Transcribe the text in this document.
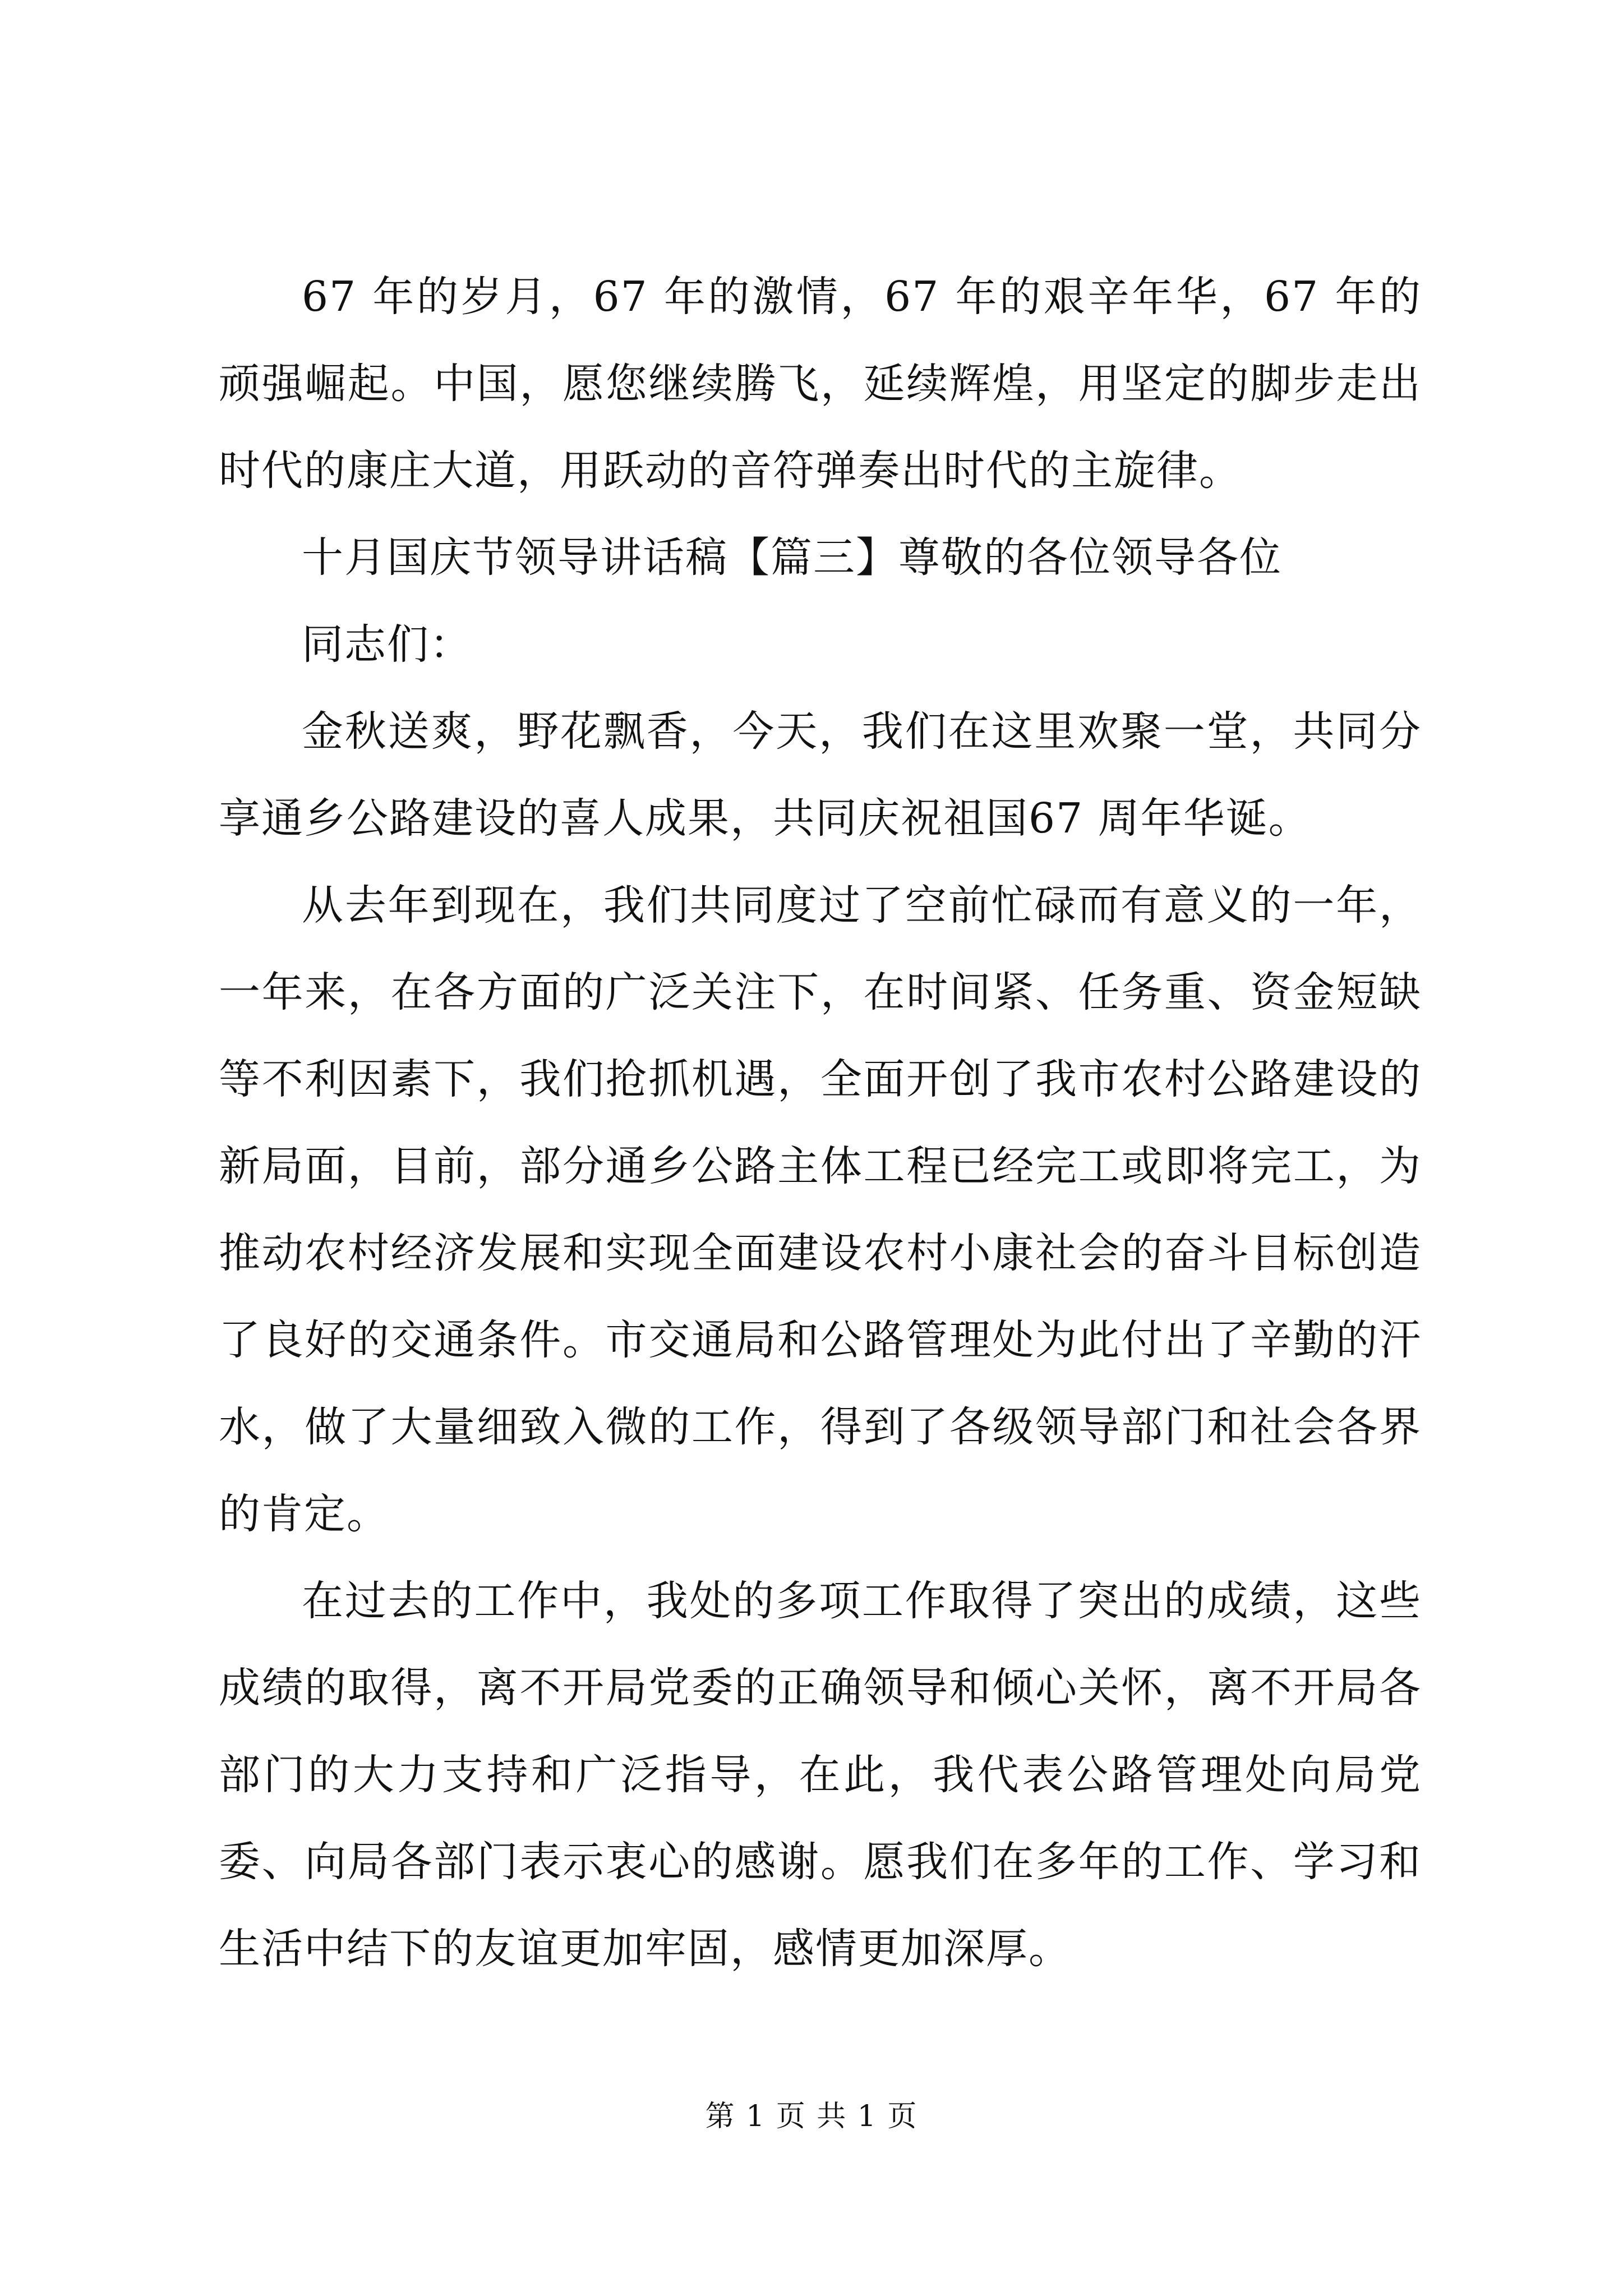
67 年的岁月，67 年的激情，67 年的艰辛年华，67 年的顽强崛起。中国，愿您继续腾飞，延续辉煌，用坚定的脚步走出时代的康庄大道，用跃动的音符弹奏出时代的主旋律。

十月国庆节领导讲话稿【篇三】尊敬的各位领导各位

同志们：

金秋送爽，野花飘香，今天，我们在这里欢聚一堂，共同分享通乡公路建设的喜人成果，共同庆祝祖国67 周年华诞。

从去年到现在，我们共同度过了空前忙碌而有意义的一年，一年来，在各方面的广泛关注下，在时间紧、任务重、资金短缺等不利因素下，我们抢抓机遇，全面开创了我市农村公路建设的新局面，目前，部分通乡公路主体工程已经完工或即将完工，为推动农村经济发展和实现全面建设农村小康社会的奋斗目标创造了良好的交通条件。市交通局和公路管理处为此付出了辛勤的汗水，做了大量细致入微的工作，得到了各级领导部门和社会各界的肯定。

在过去的工作中，我处的多项工作取得了突出的成绩，这些成绩的取得，离不开局党委的正确领导和倾心关怀，离不开局各部门的大力支持和广泛指导，在此，我代表公路管理处向局党委、向局各部门表示衷心的感谢。愿我们在多年的工作、学习和生活中结下的友谊更加牢固，感情更加深厚。

第 1 页 共 1 页
